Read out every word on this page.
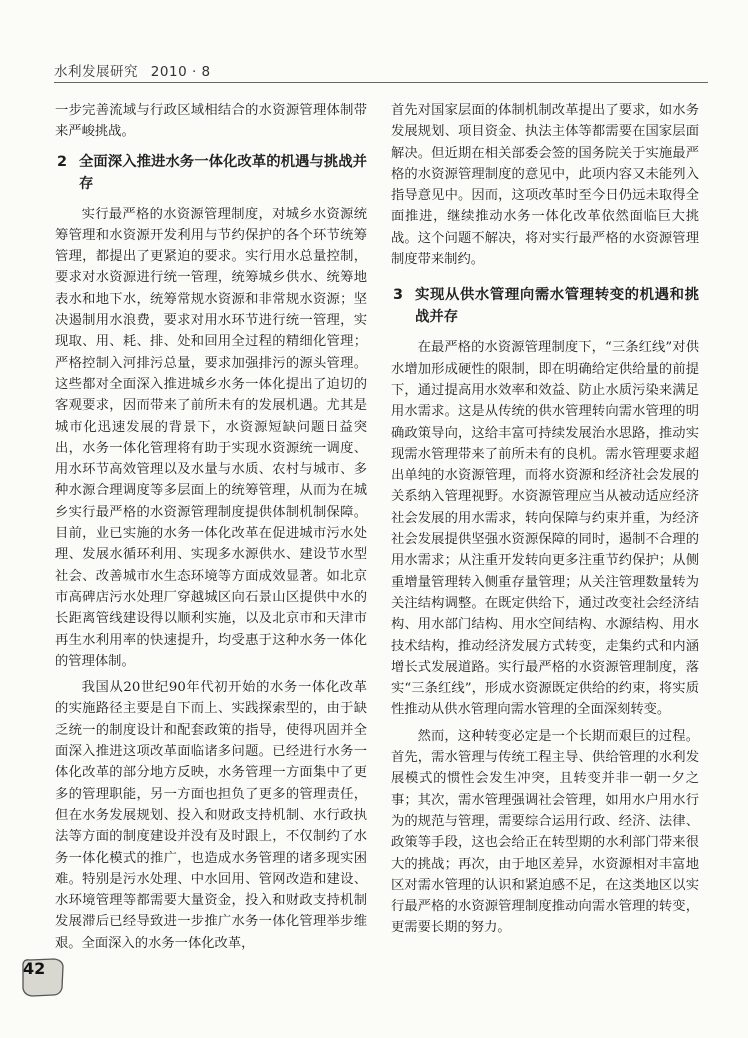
水利发展研究 2010 · 8

一步完善流域与行政区域相结合的水资源管理体制带来严峻挑战。

2 全面深入推进水务一体化改革的机遇与挑战并存

实行最严格的水资源管理制度，对城乡水资源统筹管理和水资源开发利用与节约保护的各个环节统筹管理，都提出了更紧迫的要求。实行用水总量控制，要求对水资源进行统一管理，统筹城乡供水、统筹地表水和地下水，统筹常规水资源和非常规水资源；坚决遏制用水浪费，要求对用水环节进行统一管理，实现取、用、耗、排、处和回用全过程的精细化管理；严格控制入河排污总量，要求加强排污的源头管理。这些都对全面深入推进城乡水务一体化提出了迫切的客观要求，因而带来了前所未有的发展机遇。尤其是城市化迅速发展的背景下，水资源短缺问题日益突出，水务一体化管理将有助于实现水资源统一调度、用水环节高效管理以及水量与水质、农村与城市、多种水源合理调度等多层面上的统筹管理，从而为在城乡实行最严格的水资源管理制度提供体制机制保障。目前，业已实施的水务一体化改革在促进城市污水处理、发展水循环利用、实现多水源供水、建设节水型社会、改善城市水生态环境等方面成效显著。如北京市高碑店污水处理厂穿越城区向石景山区提供中水的长距离管线建设得以顺利实施，以及北京市和天津市再生水利用率的快速提升，均受惠于这种水务一体化的管理体制。

我国从20世纪90年代初开始的水务一体化改革的实施路径主要是自下而上、实践探索型的，由于缺乏统一的制度设计和配套政策的指导，使得巩固并全面深入推进这项改革面临诸多问题。已经进行水务一体化改革的部分地方反映，水务管理一方面集中了更多的管理职能，另一方面也担负了更多的管理责任，但在水务发展规划、投入和财政支持机制、水行政执法等方面的制度建设并没有及时跟上，不仅制约了水务一体化模式的推广，也造成水务管理的诸多现实困难。特别是污水处理、中水回用、管网改造和建设、水环境管理等都需要大量资金，投入和财政支持机制发展滞后已经导致进一步推广水务一体化管理举步维艰。全面深入的水务一体化改革，

首先对国家层面的体制机制改革提出了要求，如水务发展规划、项目资金、执法主体等都需要在国家层面解决。但近期在相关部委会签的国务院关于实施最严格的水资源管理制度的意见中，此项内容又未能列入指导意见中。因而，这项改革时至今日仍远未取得全面推进，继续推动水务一体化改革依然面临巨大挑战。这个问题不解决，将对实行最严格的水资源管理制度带来制约。

3 实现从供水管理向需水管理转变的机遇和挑战并存

在最严格的水资源管理制度下，“三条红线”对供水增加形成硬性的限制，即在明确给定供给量的前提下，通过提高用水效率和效益、防止水质污染来满足用水需求。这是从传统的供水管理转向需水管理的明确政策导向，这给丰富可持续发展治水思路，推动实现需水管理带来了前所未有的良机。需水管理要求超出单纯的水资源管理，而将水资源和经济社会发展的关系纳入管理视野。水资源管理应当从被动适应经济社会发展的用水需求，转向保障与约束并重，为经济社会发展提供坚强水资源保障的同时，遏制不合理的用水需求；从注重开发转向更多注重节约保护；从侧重增量管理转入侧重存量管理；从关注管理数量转为关注结构调整。在既定供给下，通过改变社会经济结构、用水部门结构、用水空间结构、水源结构、用水技术结构，推动经济发展方式转变，走集约式和内涵增长式发展道路。实行最严格的水资源管理制度，落实“三条红线”，形成水资源既定供给的约束，将实质性推动从供水管理向需水管理的全面深刻转变。

然而，这种转变必定是一个长期而艰巨的过程。首先，需水管理与传统工程主导、供给管理的水利发展模式的惯性会发生冲突，且转变并非一朝一夕之事；其次，需水管理强调社会管理，如用水户用水行为的规范与管理，需要综合运用行政、经济、法律、政策等手段，这也会给正在转型期的水利部门带来很大的挑战；再次，由于地区差异，水资源相对丰富地区对需水管理的认识和紧迫感不足，在这类地区以实行最严格的水资源管理制度推动向需水管理的转变，更需要长期的努力。

42
